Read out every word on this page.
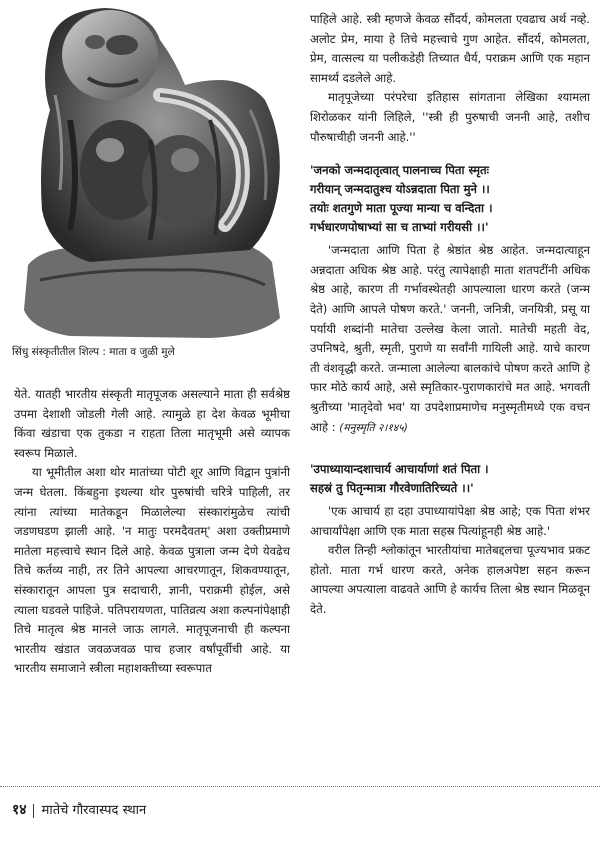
सिंधु संस्कृतीतील शिल्प : माता व जुळी मुले

येते. यातही भारतीय संस्कृती मातृपूजक असल्याने माता ही सर्वश्रेष्ठ उपमा देशाशी जोडली गेली आहे. त्यामुळे हा देश केवळ भूमीचा किंवा खंडाचा एक तुकडा न राहता तिला मातृभूमी असे व्यापक स्वरूप मिळाले.

या भूमीतील अशा थोर मातांच्या पोटी शूर आणि विद्वान पुत्रांनी जन्म घेतला. किंबहुना इथल्या थोर पुरुषांची चरित्रे पाहिली, तर त्यांना त्यांच्या मातेकडून मिळालेल्या संस्कारांमुळेच त्यांची जडणघडण झाली आहे. 'न मातुः परमदैवतम्' अशा उक्तीप्रमाणे मातेला महत्त्वाचे स्थान दिले आहे. केवळ पुत्राला जन्म देणे येवढेच तिचे कर्तव्य नाही, तर तिने आपल्या आचरणातून, शिकवण्यातून, संस्कारातून आपला पुत्र सदाचारी, ज्ञानी, पराक्रमी होईल, असे त्याला घडवले पाहिजे. पतिपरायणता, पातिव्रत्य अशा कल्पनांपेक्षाही तिचे मातृत्व श्रेष्ठ मानले जाऊ लागले. मातृपूजनाची ही कल्पना भारतीय खंडात जवळजवळ पाच हजार वर्षांपूर्वीची आहे. या भारतीय समाजाने स्त्रीला महाशक्तीच्या स्वरूपात

पाहिले आहे. स्त्री म्हणजे केवळ सौंदर्य, कोमलता एवढाच अर्थ नव्हे. अलोट प्रेम, माया हे तिचे महत्त्वाचे गुण आहेत. सौंदर्य, कोमलता, प्रेम, वात्सल्य या पलीकडेही तिच्यात धैर्य, पराक्रम आणि एक महान सामर्थ्य दडलेले आहे.

मातृपूजेच्या परंपरेचा इतिहास सांगताना लेखिका श्यामला शिरोळकर यांनी लिहिले, ''स्त्री ही पुरुषाची जननी आहे, तशीच पौरुषाचीही जननी आहे.''

'जनको जन्मदातृत्वात् पालनाच्च पिता स्मृतः
गरीयान् जन्मदातुश्च योऽन्नदाता पिता मुने ।।
तयोः शतगुणे माता पूज्या मान्या च वन्दिता ।
गर्भधारणपोषाभ्यां सा च ताभ्यां गरीयसी ।।'

'जन्मदाता आणि पिता हे श्रेष्ठांत श्रेष्ठ आहेत. जन्मदात्याहून अन्नदाता अधिक श्रेष्ठ आहे. परंतु त्यापेक्षाही माता शतपटींनी अधिक श्रेष्ठ आहे, कारण ती गर्भावस्थेतही आपल्याला धारण करते (जन्म देते) आणि आपले पोषण करते.' जननी, जनित्री, जनयित्री, प्रसू या पर्यायी शब्दांनी मातेचा उल्लेख केला जातो. मातेची महती वेद, उपनिषदे, श्रुती, स्मृती, पुराणे या सर्वांनी गायिली आहे. याचे कारण ती वंशवृद्धी करते. जन्माला आलेल्या बालकांचे पोषण करते आणि हे फार मोठे कार्य आहे, असे स्मृतिकार-पुराणकारांचे मत आहे. भगवती श्रुतीच्या 'मातृदेवो भव' या उपदेशाप्रमाणेच मनुस्मृतीमध्ये एक वचन आहे : (मनुस्मृति २।१४५)

'उपाध्यायान्दशाचार्य आचार्याणां शतं पिता ।
सहस्रं तु पितृन्मात्रा गौरवेणातिरिच्यते ।।'

'एक आचार्य हा दहा उपाध्यायांपेक्षा श्रेष्ठ आहे; एक पिता शंभर आचार्यांपेक्षा आणि एक माता सहस्र पित्यांहूनही श्रेष्ठ आहे.'

वरील तिन्ही श्लोकांतून भारतीयांचा मातेबद्दलचा पूज्यभाव प्रकट होतो. माता गर्भ धारण करते, अनेक हालअपेष्टा सहन करून आपल्या अपत्याला वाढवते आणि हे कार्यच तिला श्रेष्ठ स्थान मिळवून देते.

१४ मातेचे गौरवास्पद स्थान
